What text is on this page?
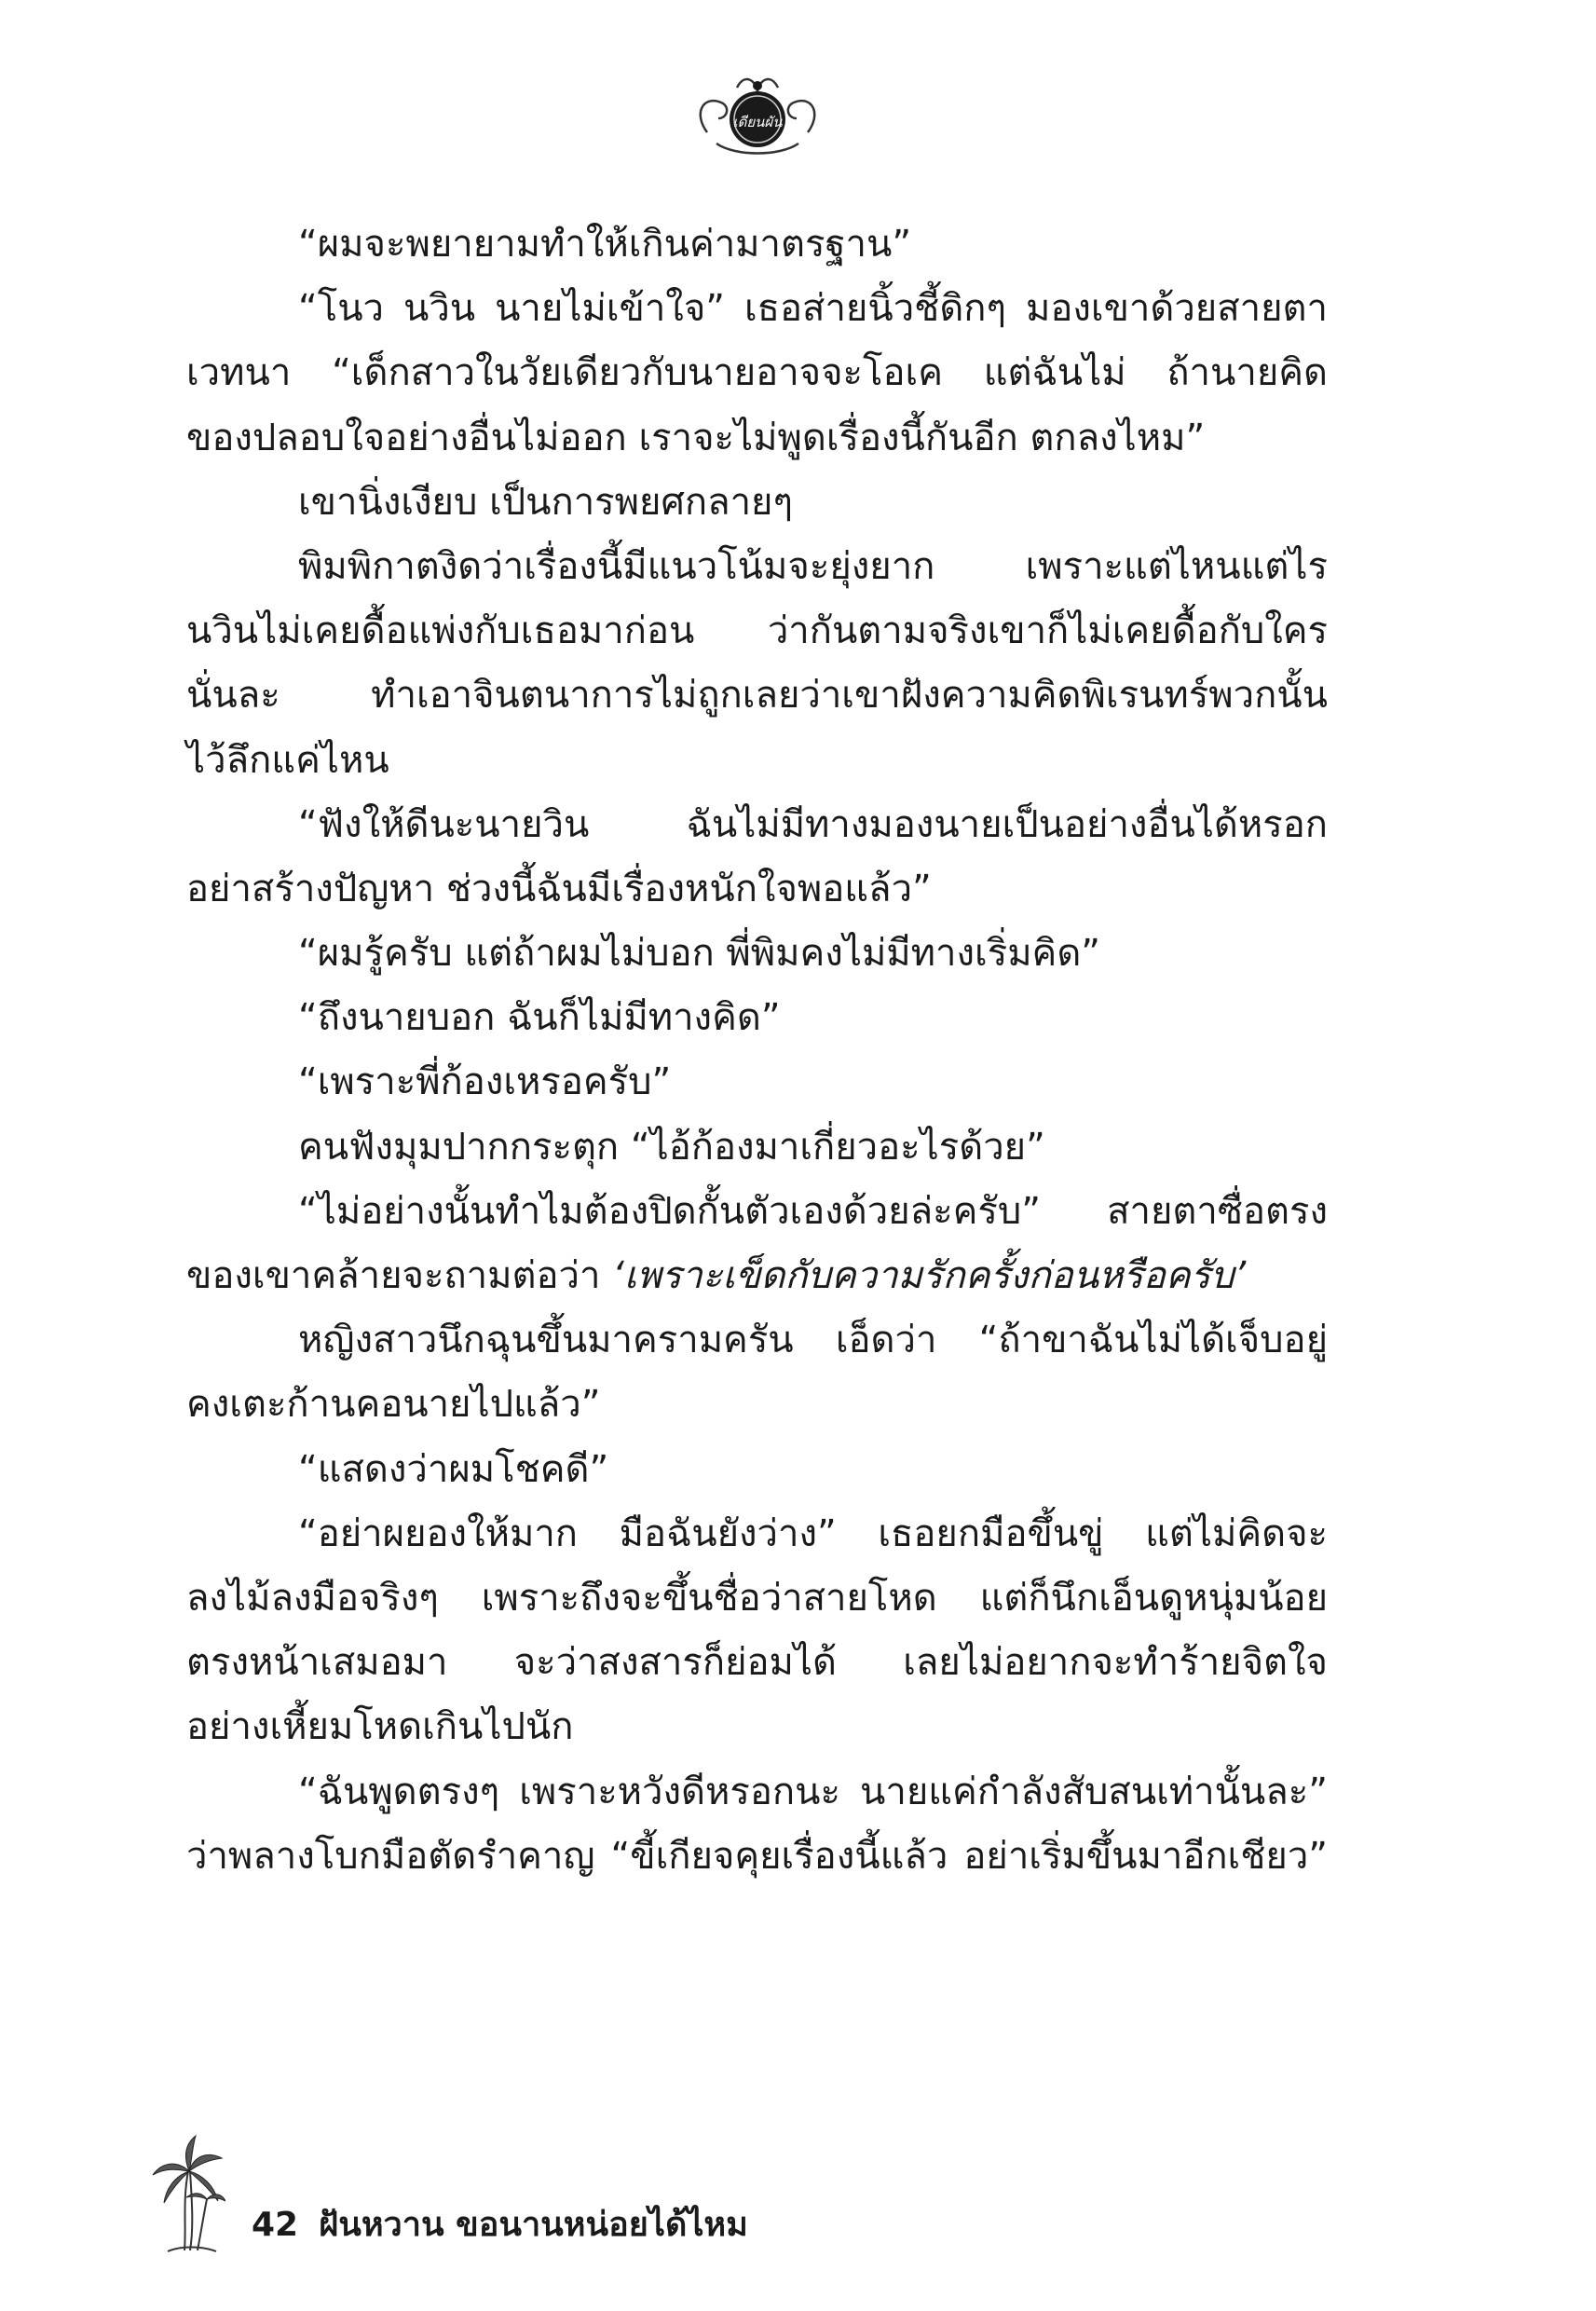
เดียนผัน
“ผมจะพยายามทำให้เกินค่ามาตรฐาน”
“โนว นวิน นายไม่เข้าใจ” เธอส่ายนิ้วชี้ดิกๆ มองเขาด้วยสายตา
เวทนา “เด็กสาวในวัยเดียวกับนายอาจจะโอเค แต่ฉันไม่ ถ้านายคิด
ของปลอบใจอย่างอื่นไม่ออก เราจะไม่พูดเรื่องนี้กันอีก ตกลงไหม”
เขานิ่งเงียบ เป็นการพยศกลายๆ
พิมพิกาตงิดว่าเรื่องนี้มีแนวโน้มจะยุ่งยาก เพราะแต่ไหนแต่ไร
นวินไม่เคยดื้อแพ่งกับเธอมาก่อน ว่ากันตามจริงเขาก็ไม่เคยดื้อกับใคร
นั่นละ ทำเอาจินตนาการไม่ถูกเลยว่าเขาฝังความคิดพิเรนทร์พวกนั้น
ไว้ลึกแค่ไหน
“ฟังให้ดีนะนายวิน ฉันไม่มีทางมองนายเป็นอย่างอื่นได้หรอก
อย่าสร้างปัญหา ช่วงนี้ฉันมีเรื่องหนักใจพอแล้ว”
“ผมรู้ครับ แต่ถ้าผมไม่บอก พี่พิมคงไม่มีทางเริ่มคิด”
“ถึงนายบอก ฉันก็ไม่มีทางคิด”
“เพราะพี่ก้องเหรอครับ”
คนฟังมุมปากกระตุก “ไอ้ก้องมาเกี่ยวอะไรด้วย”
“ไม่อย่างนั้นทำไมต้องปิดกั้นตัวเองด้วยล่ะครับ” สายตาซื่อตรง
ของเขาคล้ายจะถามต่อว่า ‘เพราะเข็ดกับความรักครั้งก่อนหรือครับ’
หญิงสาวนึกฉุนขึ้นมาครามครัน เอ็ดว่า “ถ้าขาฉันไม่ได้เจ็บอยู่
คงเตะก้านคอนายไปแล้ว”
“แสดงว่าผมโชคดี”
“อย่าผยองให้มาก มือฉันยังว่าง” เธอยกมือขึ้นขู่ แต่ไม่คิดจะ
ลงไม้ลงมือจริงๆ เพราะถึงจะขึ้นชื่อว่าสายโหด แต่ก็นึกเอ็นดูหนุ่มน้อย
ตรงหน้าเสมอมา จะว่าสงสารก็ย่อมได้ เลยไม่อยากจะทำร้ายจิตใจ
อย่างเหี้ยมโหดเกินไปนัก
“ฉันพูดตรงๆ เพราะหวังดีหรอกนะ นายแค่กำลังสับสนเท่านั้นละ”
ว่าพลางโบกมือตัดรำคาญ “ขี้เกียจคุยเรื่องนี้แล้ว อย่าเริ่มขึ้นมาอีกเชียว”
42 ฝันหวาน ขอนานหน่อยได้ไหม
